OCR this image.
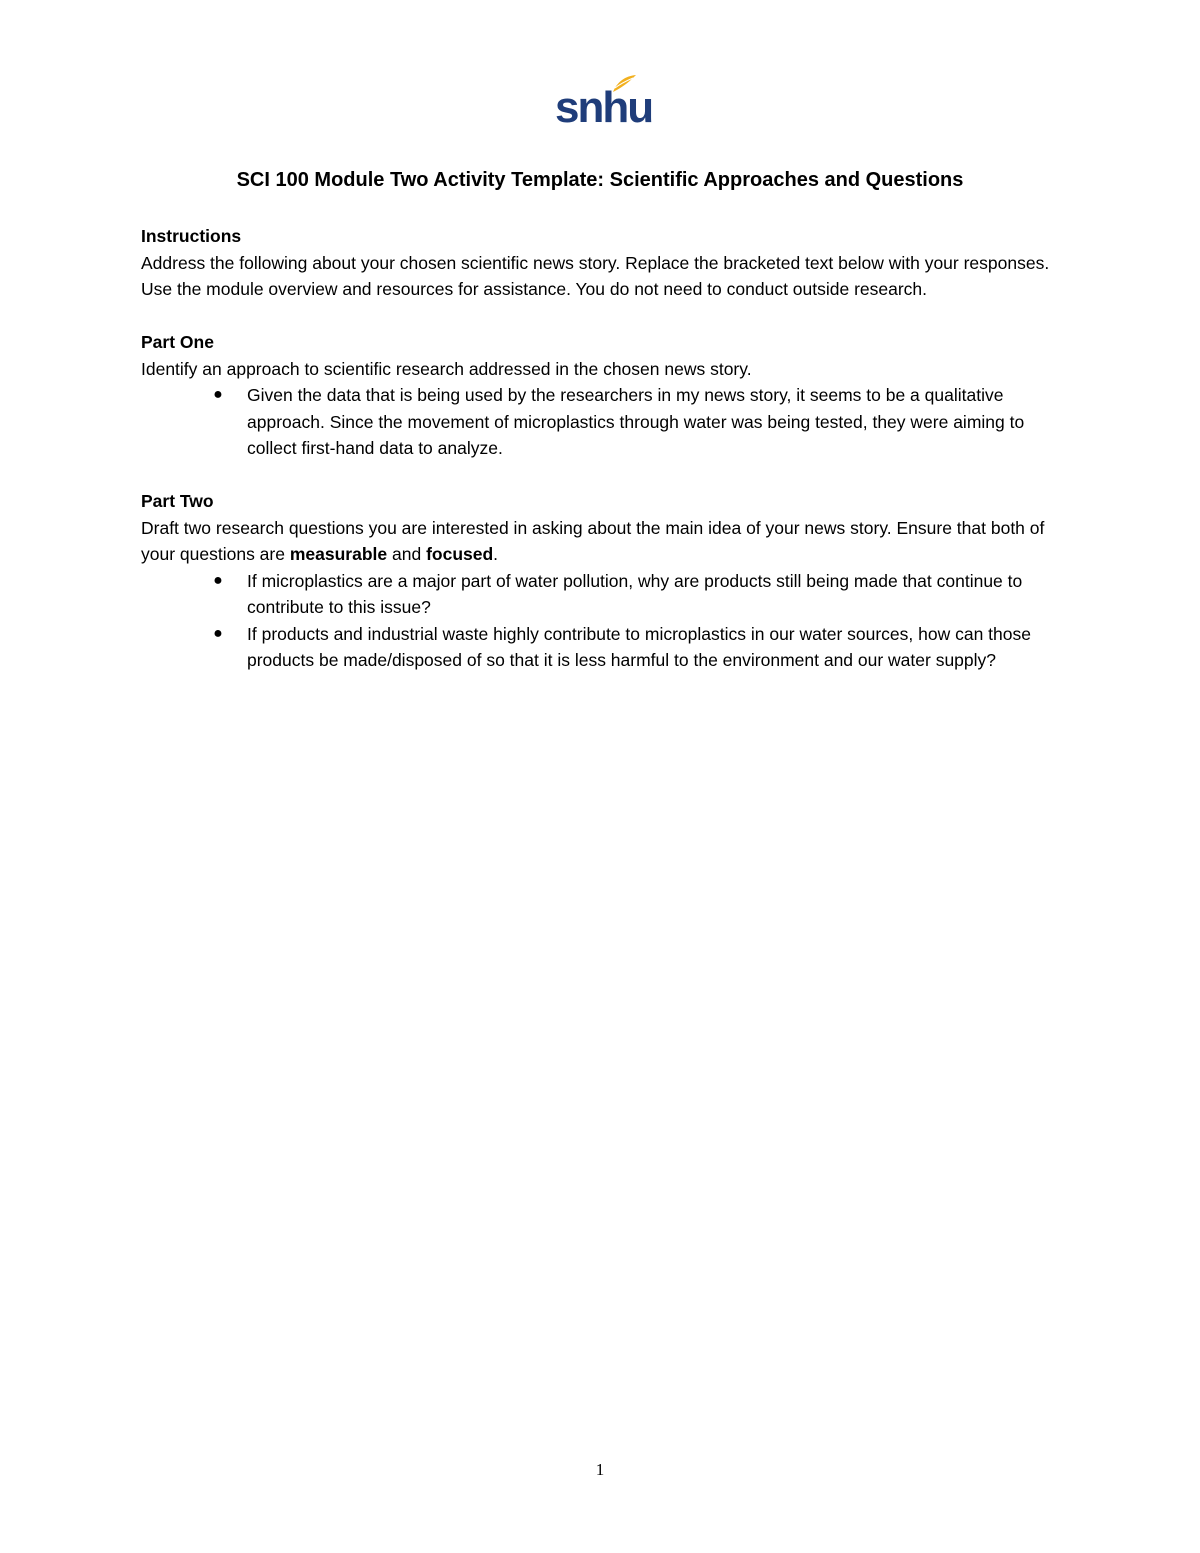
snhu
SCI 100 Module Two Activity Template: Scientific Approaches and Questions

Instructions

Address the following about your chosen scientific news story. Replace the bracketed text below with your responses. Use the module overview and resources for assistance. You do not need to conduct outside research.

Part One

Identify an approach to scientific research addressed in the chosen news story.

● Given the data that is being used by the researchers in my news story, it seems to be a qualitative approach. Since the movement of microplastics through water was being tested, they were aiming to collect first-hand data to analyze.

Part Two

Draft two research questions you are interested in asking about the main idea of your news story. Ensure that both of your questions are measurable and focused.

● If microplastics are a major part of water pollution, why are products still being made that continue to contribute to this issue?
● If products and industrial waste highly contribute to microplastics in our water sources, how can those products be made/disposed of so that it is less harmful to the environment and our water supply?
1
